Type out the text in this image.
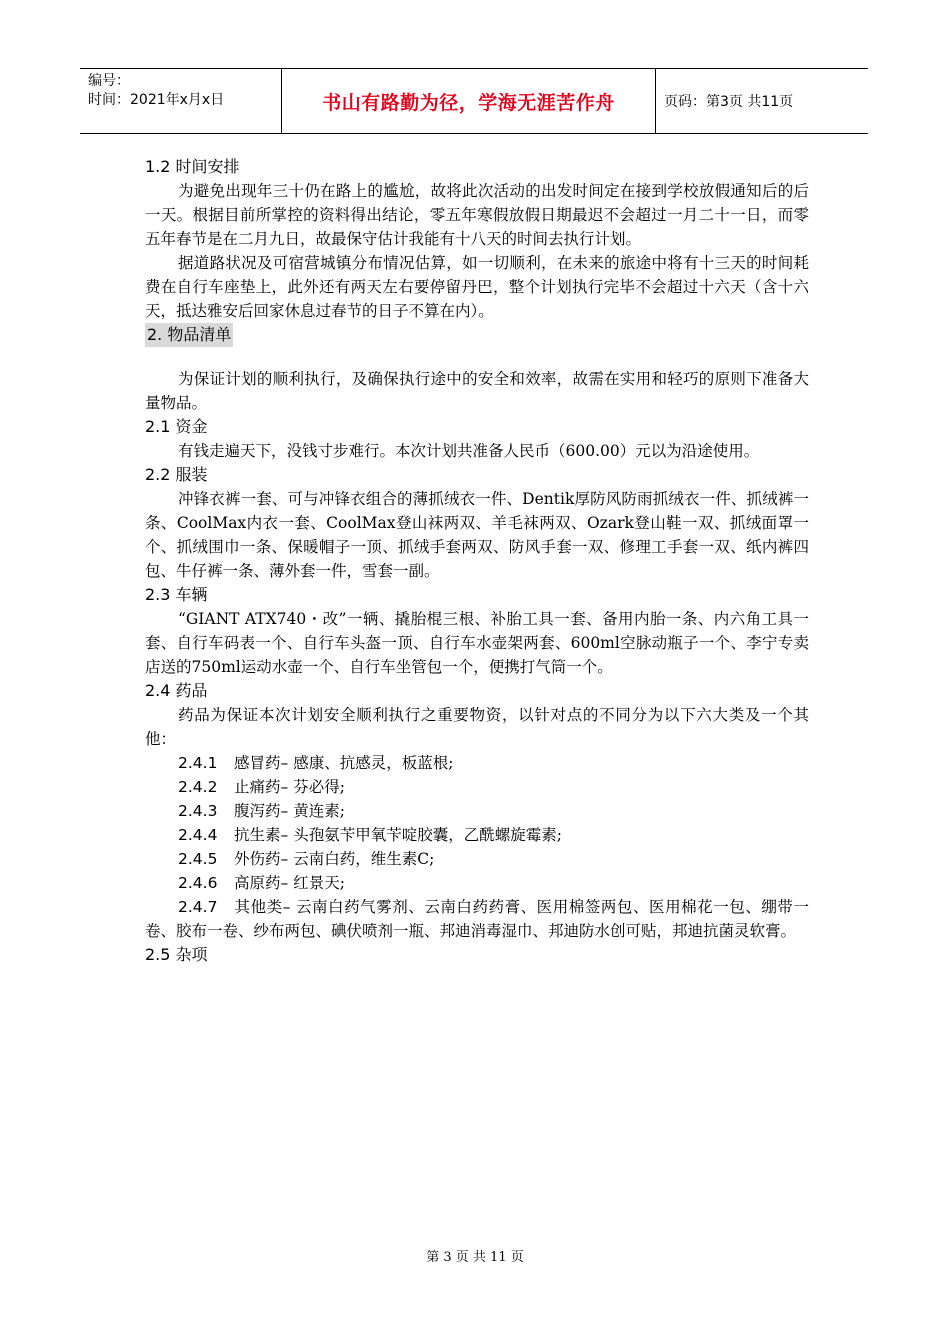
编号：
时间：2021年x月x日	书山有路勤为径，学海无涯苦作舟	页码：第3页 共11页

1.2 时间安排

为避免出现年三十仍在路上的尴尬，故将此次活动的出发时间定在接到学校放假通知后的后一天。根据目前所掌控的资料得出结论，零五年寒假放假日期最迟不会超过一月二十一日，而零五年春节是在二月九日，故最保守估计我能有十八天的时间去执行计划。

据道路状况及可宿营城镇分布情况估算，如一切顺利，在未来的旅途中将有十三天的时间耗费在自行车座垫上，此外还有两天左右要停留丹巴，整个计划执行完毕不会超过十六天（含十六天，抵达雅安后回家休息过春节的日子不算在内）。

2. 物品清单

为保证计划的顺利执行，及确保执行途中的安全和效率，故需在实用和轻巧的原则下准备大量物品。

2.1 资金

有钱走遍天下，没钱寸步难行。本次计划共准备人民币（600.00）元以为沿途使用。

2.2 服装

冲锋衣裤一套、可与冲锋衣组合的薄抓绒衣一件、Dentik厚防风防雨抓绒衣一件、抓绒裤一条、CoolMax内衣一套、CoolMax登山袜两双、羊毛袜两双、Ozark登山鞋一双、抓绒面罩一个、抓绒围巾一条、保暖帽子一顶、抓绒手套两双、防风手套一双、修理工手套一双、纸内裤四包、牛仔裤一条、薄外套一件，雪套一副。

2.3 车辆

“GIANT ATX740・改”一辆、撬胎棍三根、补胎工具一套、备用内胎一条、内六角工具一套、自行车码表一个、自行车头盔一顶、自行车水壶架两套、600ml空脉动瓶子一个、李宁专卖店送的750ml运动水壶一个、自行车坐管包一个，便携打气筒一个。

2.4 药品

药品为保证本次计划安全顺利执行之重要物资，以针对点的不同分为以下六大类及一个其他：

2.4.1 感冒药– 感康、抗感灵，板蓝根;

2.4.2 止痛药– 芬必得;

2.4.3 腹泻药– 黄连素;

2.4.4 抗生素– 头孢氨苄甲氧苄啶胶囊，乙酰螺旋霉素;

2.4.5 外伤药– 云南白药，维生素C;

2.4.6 高原药– 红景天;

2.4.7 其他类– 云南白药气雾剂、云南白药药膏、医用棉签两包、医用棉花一包、绷带一卷、胶布一卷、纱布两包、碘伏喷剂一瓶、邦迪消毒湿巾、邦迪防水创可贴，邦迪抗菌灵软膏。

2.5 杂项

第 3 页 共 11 页
